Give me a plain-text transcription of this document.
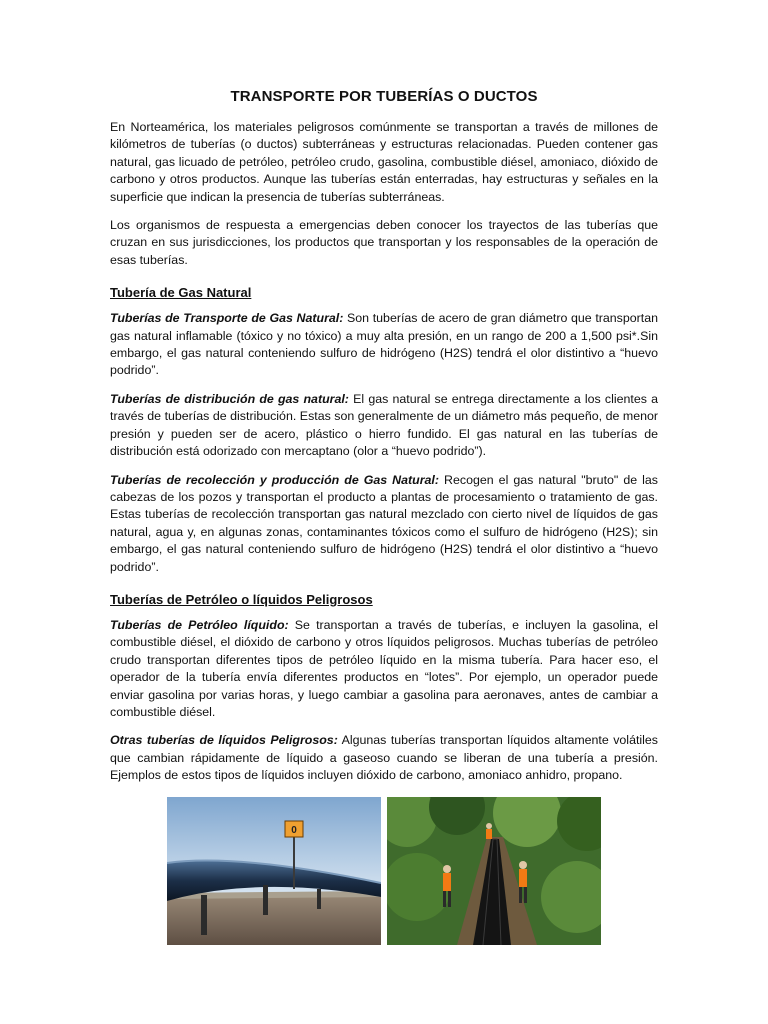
TRANSPORTE POR TUBERÍAS O DUCTOS

En Norteamérica, los materiales peligrosos comúnmente se transportan a través de millones de kilómetros de tuberías (o ductos) subterráneas y estructuras relacionadas. Pueden contener gas natural, gas licuado de petróleo, petróleo crudo, gasolina, combustible diésel, amoniaco, dióxido de carbono y otros productos. Aunque las tuberías están enterradas, hay estructuras y señales en la superficie que indican la presencia de tuberías subterráneas.

Los organismos de respuesta a emergencias deben conocer los trayectos de las tuberías que cruzan en sus jurisdicciones, los productos que transportan y los responsables de la operación de esas tuberías.

Tubería de Gas Natural

Tuberías de Transporte de Gas Natural: Son tuberías de acero de gran diámetro que transportan gas natural inflamable (tóxico y no tóxico) a muy alta presión, en un rango de 200 a 1,500 psi*.Sin embargo, el gas natural conteniendo sulfuro de hidrógeno (H2S) tendrá el olor distintivo a “huevo podrido”.

Tuberías de distribución de gas natural: El gas natural se entrega directamente a los clientes a través de tuberías de distribución. Estas son generalmente de un diámetro más pequeño, de menor presión y pueden ser de acero, plástico o hierro fundido. El gas natural en las tuberías de distribución está odorizado con mercaptano (olor a “huevo podrido”).

Tuberías de recolección y producción de Gas Natural: Recogen el gas natural "bruto" de las cabezas de los pozos y transportan el producto a plantas de procesamiento o tratamiento de gas. Estas tuberías de recolección transportan gas natural mezclado con cierto nivel de líquidos de gas natural, agua y, en algunas zonas, contaminantes tóxicos como el sulfuro de hidrógeno (H2S); sin embargo, el gas natural conteniendo sulfuro de hidrógeno (H2S) tendrá el olor distintivo a “huevo podrido”.

Tuberías de Petróleo o líquidos Peligrosos

Tuberías de Petróleo líquido: Se transportan a través de tuberías, e incluyen la gasolina, el combustible diésel, el dióxido de carbono y otros líquidos peligrosos. Muchas tuberías de petróleo crudo transportan diferentes tipos de petróleo líquido en la misma tubería. Para hacer eso, el operador de la tubería envía diferentes productos en “lotes”. Por ejemplo, un operador puede enviar gasolina por varias horas, y luego cambiar a gasolina para aeronaves, antes de cambiar a combustible diésel.

Otras tuberías de líquidos Peligrosos: Algunas tuberías transportan líquidos altamente volátiles que cambian rápidamente de líquido a gaseoso cuando se liberan de una tubería a presión. Ejemplos de estos tipos de líquidos incluyen dióxido de carbono, amoniaco anhidro, propano.

0
